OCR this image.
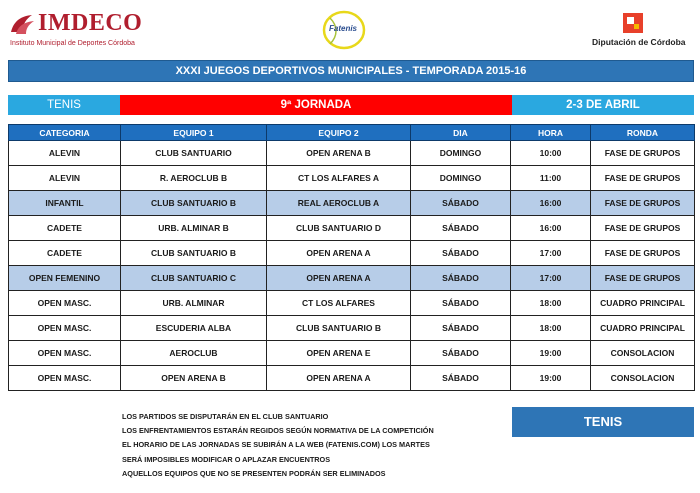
IMDECO
Instituto Municipal de Deportes Córdoba
Fatenis
Diputación de Córdoba
XXXI JUEGOS DEPORTIVOS MUNICIPALES - TEMPORADA 2015-16
TENIS	9ª JORNADA	2-3 DE ABRIL
CATEGORIA	EQUIPO 1	EQUIPO 2	DIA	HORA	RONDA
ALEVIN	CLUB SANTUARIO	OPEN ARENA B	DOMINGO	10:00	FASE DE GRUPOS
ALEVIN	R. AEROCLUB B	CT LOS ALFARES A	DOMINGO	11:00	FASE DE GRUPOS
INFANTIL	CLUB SANTUARIO B	REAL AEROCLUB A	SÁBADO	16:00	FASE DE GRUPOS
CADETE	URB. ALMINAR B	CLUB SANTUARIO D	SÁBADO	16:00	FASE DE GRUPOS
CADETE	CLUB SANTUARIO B	OPEN ARENA A	SÁBADO	17:00	FASE DE GRUPOS
OPEN FEMENINO	CLUB SANTUARIO C	OPEN ARENA A	SÁBADO	17:00	FASE DE GRUPOS
OPEN MASC.	URB. ALMINAR	CT LOS ALFARES	SÁBADO	18:00	CUADRO PRINCIPAL
OPEN MASC.	ESCUDERIA ALBA	CLUB SANTUARIO B	SÁBADO	18:00	CUADRO PRINCIPAL
OPEN MASC.	AEROCLUB	OPEN ARENA E	SÁBADO	19:00	CONSOLACION
OPEN MASC.	OPEN ARENA B	OPEN ARENA A	SÁBADO	19:00	CONSOLACION
LOS PARTIDOS SE DISPUTARÁN EN EL CLUB SANTUARIO
LOS ENFRENTAMIENTOS ESTARÁN REGIDOS SEGÚN NORMATIVA DE LA COMPETICIÓN
EL HORARIO DE LAS JORNADAS SE SUBIRÁN A LA WEB (FATENIS.COM) LOS MARTES
SERÁ IMPOSIBLES MODIFICAR O APLAZAR ENCUENTROS
AQUELLOS EQUIPOS QUE NO SE PRESENTEN PODRÁN SER ELIMINADOS
TENIS
